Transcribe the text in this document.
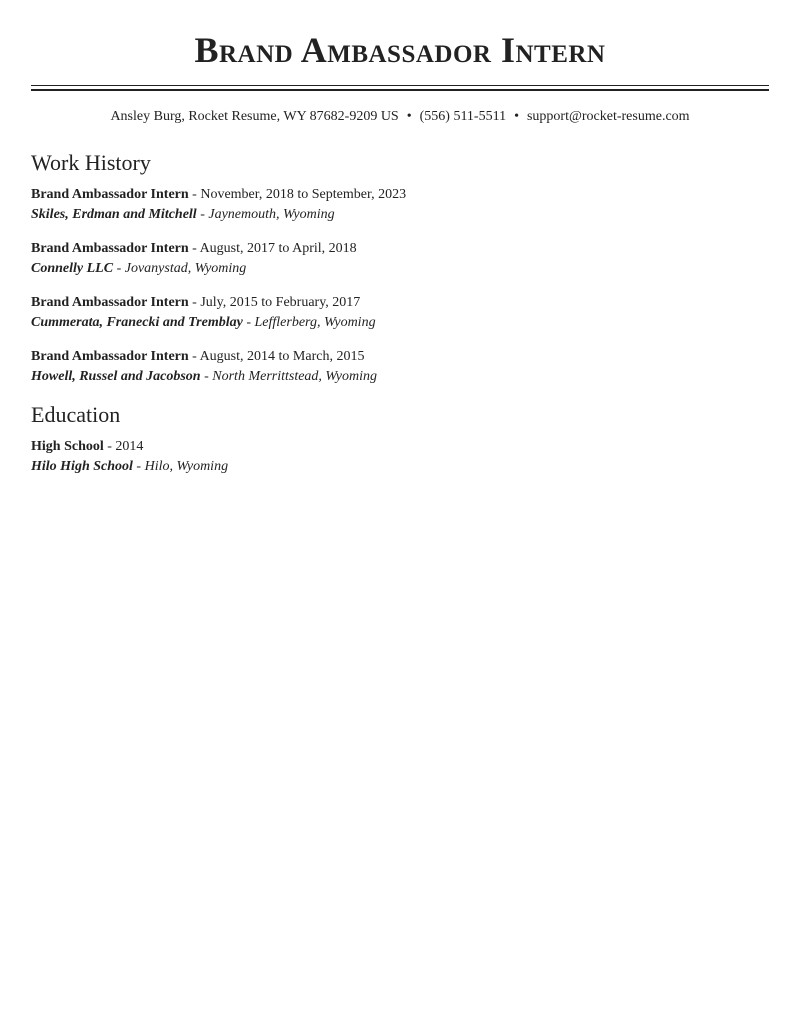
Brand Ambassador Intern
Ansley Burg, Rocket Resume, WY 87682-9209 US • (556) 511-5511 • support@rocket-resume.com
Work History
Brand Ambassador Intern - November, 2018 to September, 2023
Skiles, Erdman and Mitchell - Jaynemouth, Wyoming
Brand Ambassador Intern - August, 2017 to April, 2018
Connelly LLC - Jovanystad, Wyoming
Brand Ambassador Intern - July, 2015 to February, 2017
Cummerata, Franecki and Tremblay - Lefflerberg, Wyoming
Brand Ambassador Intern - August, 2014 to March, 2015
Howell, Russel and Jacobson - North Merrittstead, Wyoming
Education
High School - 2014
Hilo High School - Hilo, Wyoming
